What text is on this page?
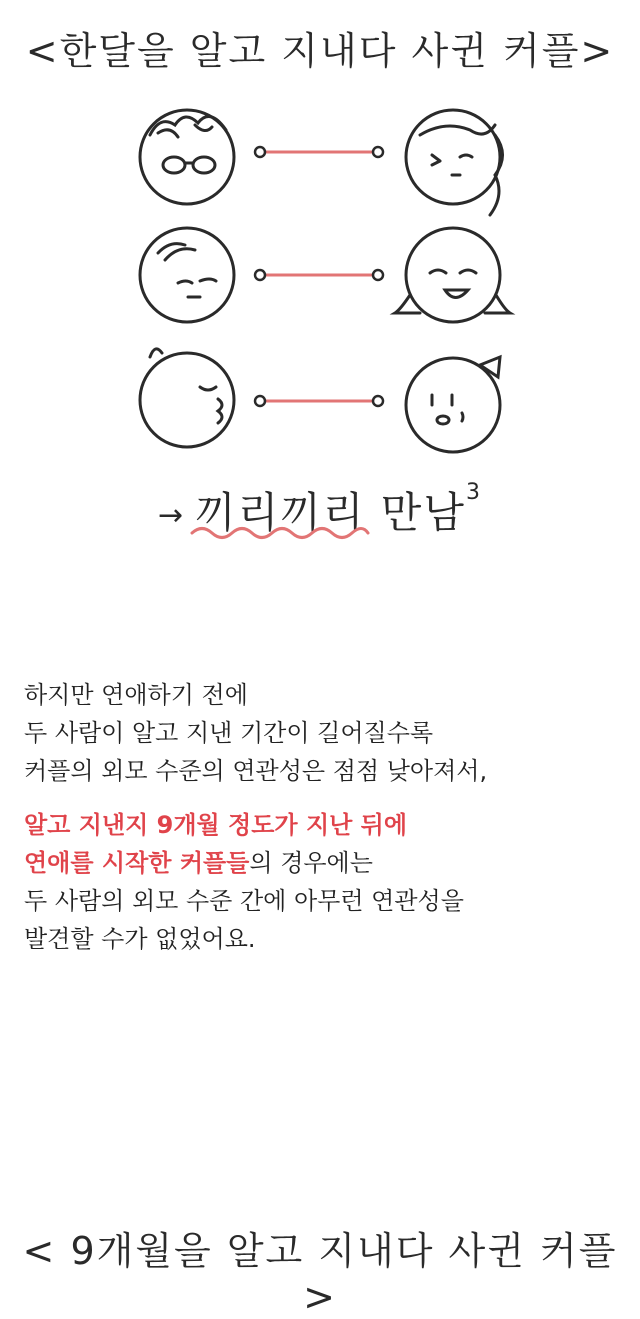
<한달을 알고 지내다 사귄 커플>
→ 끼리끼리 만남$^3$

하지만 연애하기 전에

두 사람이 알고 지낸 기간이 길어질수록

커플의 외모 수준의 연관성은 점점 낮아져서,

알고 지낸지 9개월 정도가 지난 뒤에

연애를 시작한 커플들의 경우에는

두 사람의 외모 수준 간에 아무런 연관성을

발견할 수가 없었어요.

< 9개월을 알고 지내다 사귄 커플 >
